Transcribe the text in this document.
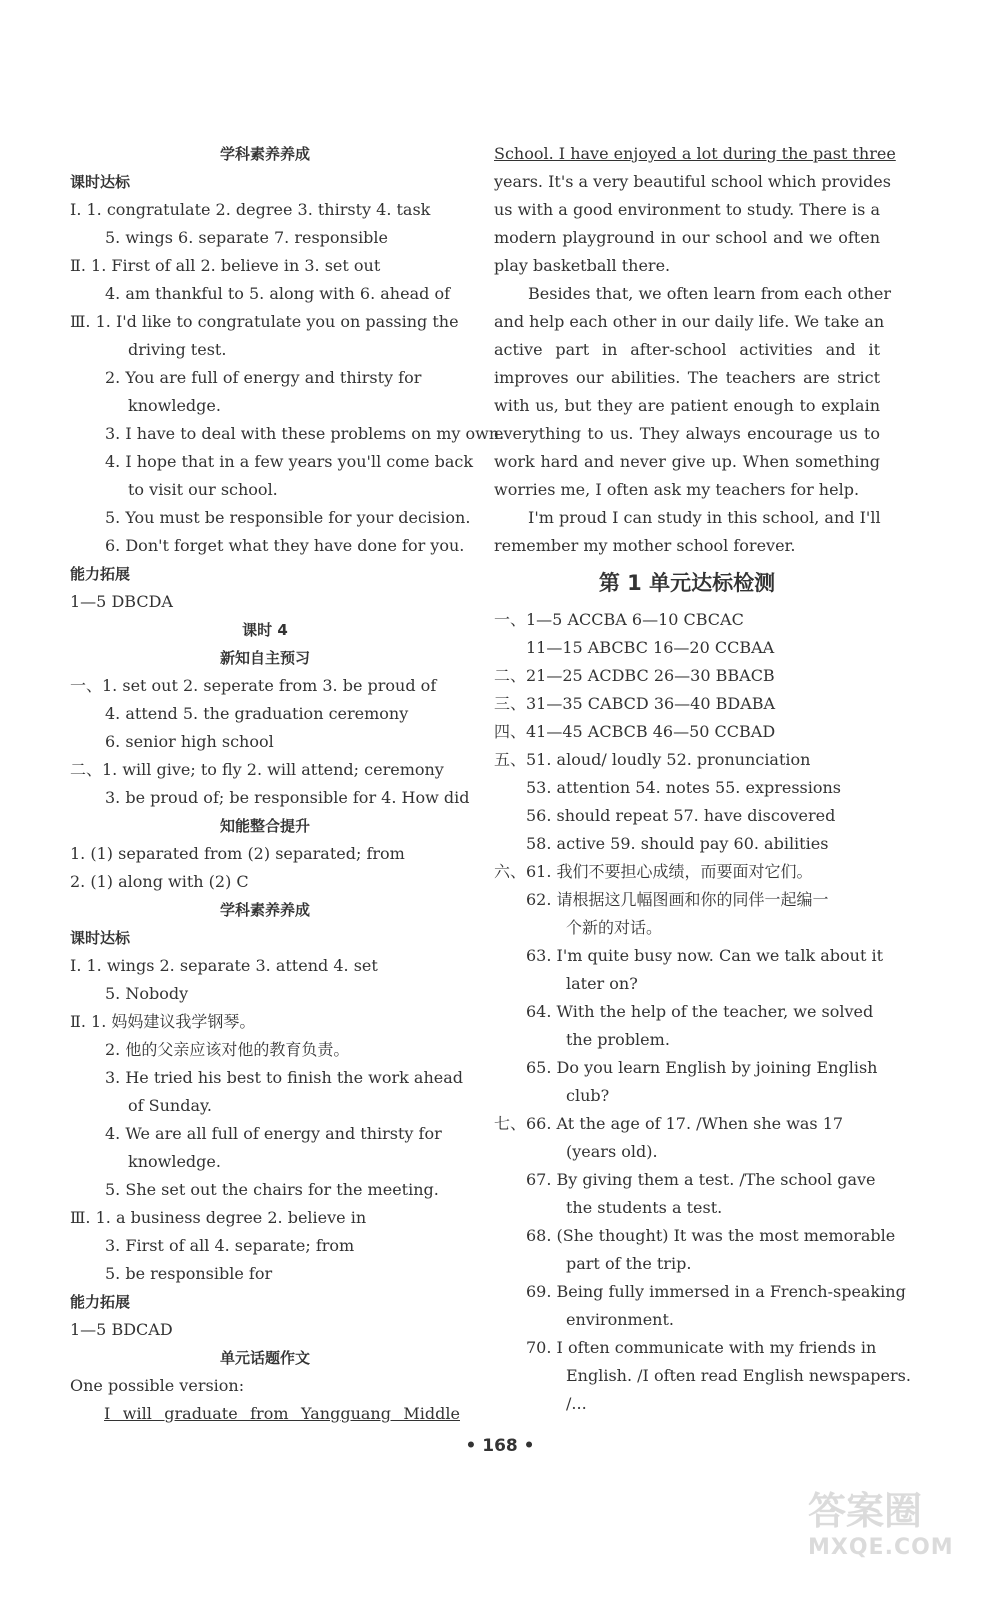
学科素养养成
课时达标
Ⅰ. 1. congratulate 2. degree 3. thirsty 4. task
5. wings 6. separate 7. responsible
Ⅱ. 1. First of all 2. believe in 3. set out
4. am thankful to 5. along with 6. ahead of
Ⅲ. 1. I'd like to congratulate you on passing the
driving test.
2. You are full of energy and thirsty for
knowledge.
3. I have to deal with these problems on my own.
4. I hope that in a few years you'll come back
to visit our school.
5. You must be responsible for your decision.
6. Don't forget what they have done for you.
能力拓展
1—5 DBCDA
课时 4
新知自主预习
一、1. set out 2. seperate from 3. be proud of
4. attend 5. the graduation ceremony
6. senior high school
二、1. will give; to fly 2. will attend; ceremony
3. be proud of; be responsible for 4. How did
知能整合提升
1. (1) separated from (2) separated; from
2. (1) along with (2) C
学科素养养成
课时达标
Ⅰ. 1. wings 2. separate 3. attend 4. set
5. Nobody
Ⅱ. 1. 妈妈建议我学钢琴。
2. 他的父亲应该对他的教育负责。
3. He tried his best to finish the work ahead
of Sunday.
4. We are all full of energy and thirsty for
knowledge.
5. She set out the chairs for the meeting.
Ⅲ. 1. a business degree 2. believe in
3. First of all 4. separate; from
5. be responsible for
能力拓展
1—5 BDCAD
单元话题作文
One possible version:
I will graduate from Yangguang Middle
School. I have enjoyed a lot during the past three
years. It's a very beautiful school which provides
us with a good environment to study. There is a
modern playground in our school and we often
play basketball there.
Besides that, we often learn from each other
and help each other in our daily life. We take an
active part in after-school activities and it
improves our abilities. The teachers are strict
with us, but they are patient enough to explain
everything to us. They always encourage us to
work hard and never give up. When something
worries me, I often ask my teachers for help.
I'm proud I can study in this school, and I'll
remember my mother school forever.
第 1 单元达标检测
一、1—5 ACCBA 6—10 CBCAC
11—15 ABCBC 16—20 CCBAA
二、21—25 ACDBC 26—30 BBACB
三、31—35 CABCD 36—40 BDABA
四、41—45 ACBCB 46—50 CCBAD
五、51. aloud/ loudly 52. pronunciation
53. attention 54. notes 55. expressions
56. should repeat 57. have discovered
58. active 59. should pay 60. abilities
六、61. 我们不要担心成绩，而要面对它们。
62. 请根据这几幅图画和你的同伴一起编一
个新的对话。
63. I'm quite busy now. Can we talk about it
later on?
64. With the help of the teacher, we solved
the problem.
65. Do you learn English by joining English
club?
七、66. At the age of 17. /When she was 17
(years old).
67. By giving them a test. /The school gave
the students a test.
68. (She thought) It was the most memorable
part of the trip.
69. Being fully immersed in a French-speaking
environment.
70. I often communicate with my friends in
English. /I often read English newspapers.
/...
• 168 •
答案圈
MXQE.COM
